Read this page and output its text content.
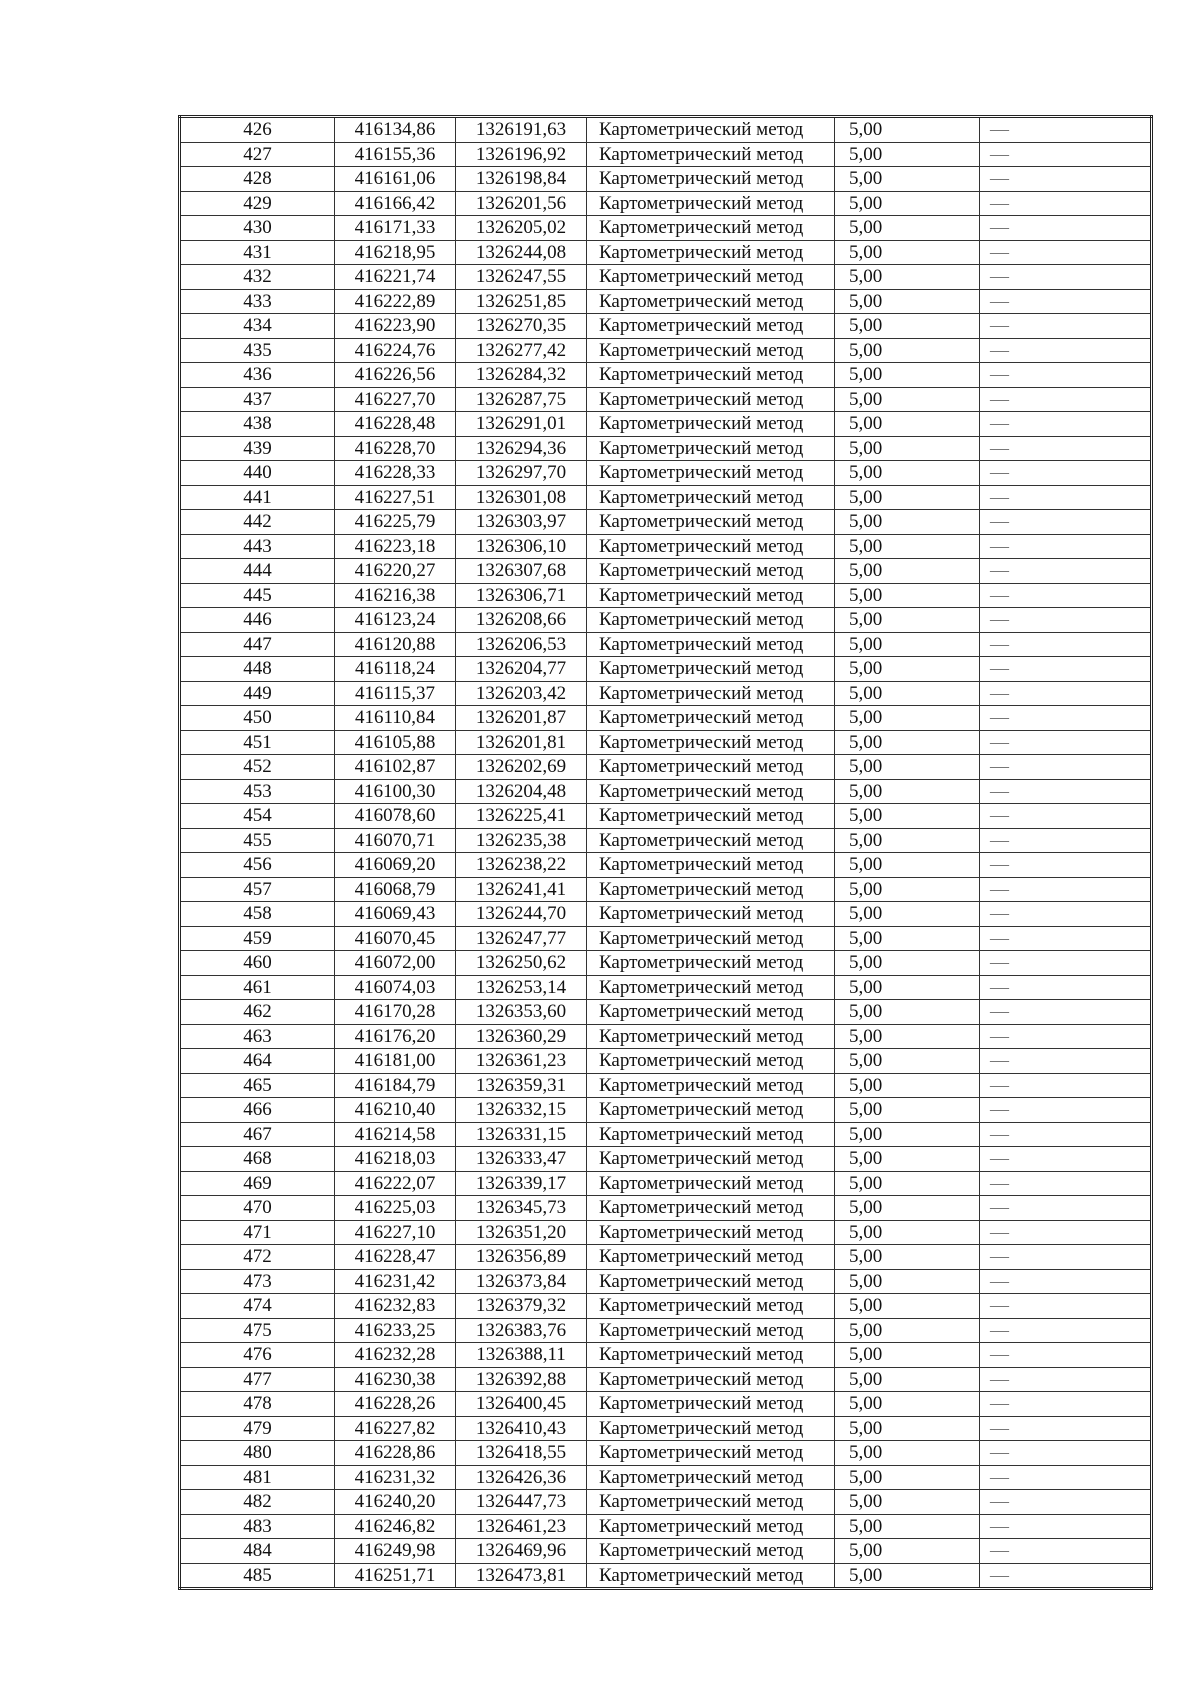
426	416134,86	1326191,63	Картометрический метод	5,00	—
427	416155,36	1326196,92	Картометрический метод	5,00	—
428	416161,06	1326198,84	Картометрический метод	5,00	—
429	416166,42	1326201,56	Картометрический метод	5,00	—
430	416171,33	1326205,02	Картометрический метод	5,00	—
431	416218,95	1326244,08	Картометрический метод	5,00	—
432	416221,74	1326247,55	Картометрический метод	5,00	—
433	416222,89	1326251,85	Картометрический метод	5,00	—
434	416223,90	1326270,35	Картометрический метод	5,00	—
435	416224,76	1326277,42	Картометрический метод	5,00	—
436	416226,56	1326284,32	Картометрический метод	5,00	—
437	416227,70	1326287,75	Картометрический метод	5,00	—
438	416228,48	1326291,01	Картометрический метод	5,00	—
439	416228,70	1326294,36	Картометрический метод	5,00	—
440	416228,33	1326297,70	Картометрический метод	5,00	—
441	416227,51	1326301,08	Картометрический метод	5,00	—
442	416225,79	1326303,97	Картометрический метод	5,00	—
443	416223,18	1326306,10	Картометрический метод	5,00	—
444	416220,27	1326307,68	Картометрический метод	5,00	—
445	416216,38	1326306,71	Картометрический метод	5,00	—
446	416123,24	1326208,66	Картометрический метод	5,00	—
447	416120,88	1326206,53	Картометрический метод	5,00	—
448	416118,24	1326204,77	Картометрический метод	5,00	—
449	416115,37	1326203,42	Картометрический метод	5,00	—
450	416110,84	1326201,87	Картометрический метод	5,00	—
451	416105,88	1326201,81	Картометрический метод	5,00	—
452	416102,87	1326202,69	Картометрический метод	5,00	—
453	416100,30	1326204,48	Картометрический метод	5,00	—
454	416078,60	1326225,41	Картометрический метод	5,00	—
455	416070,71	1326235,38	Картометрический метод	5,00	—
456	416069,20	1326238,22	Картометрический метод	5,00	—
457	416068,79	1326241,41	Картометрический метод	5,00	—
458	416069,43	1326244,70	Картометрический метод	5,00	—
459	416070,45	1326247,77	Картометрический метод	5,00	—
460	416072,00	1326250,62	Картометрический метод	5,00	—
461	416074,03	1326253,14	Картометрический метод	5,00	—
462	416170,28	1326353,60	Картометрический метод	5,00	—
463	416176,20	1326360,29	Картометрический метод	5,00	—
464	416181,00	1326361,23	Картометрический метод	5,00	—
465	416184,79	1326359,31	Картометрический метод	5,00	—
466	416210,40	1326332,15	Картометрический метод	5,00	—
467	416214,58	1326331,15	Картометрический метод	5,00	—
468	416218,03	1326333,47	Картометрический метод	5,00	—
469	416222,07	1326339,17	Картометрический метод	5,00	—
470	416225,03	1326345,73	Картометрический метод	5,00	—
471	416227,10	1326351,20	Картометрический метод	5,00	—
472	416228,47	1326356,89	Картометрический метод	5,00	—
473	416231,42	1326373,84	Картометрический метод	5,00	—
474	416232,83	1326379,32	Картометрический метод	5,00	—
475	416233,25	1326383,76	Картометрический метод	5,00	—
476	416232,28	1326388,11	Картометрический метод	5,00	—
477	416230,38	1326392,88	Картометрический метод	5,00	—
478	416228,26	1326400,45	Картометрический метод	5,00	—
479	416227,82	1326410,43	Картометрический метод	5,00	—
480	416228,86	1326418,55	Картометрический метод	5,00	—
481	416231,32	1326426,36	Картометрический метод	5,00	—
482	416240,20	1326447,73	Картометрический метод	5,00	—
483	416246,82	1326461,23	Картометрический метод	5,00	—
484	416249,98	1326469,96	Картометрический метод	5,00	—
485	416251,71	1326473,81	Картометрический метод	5,00	—
